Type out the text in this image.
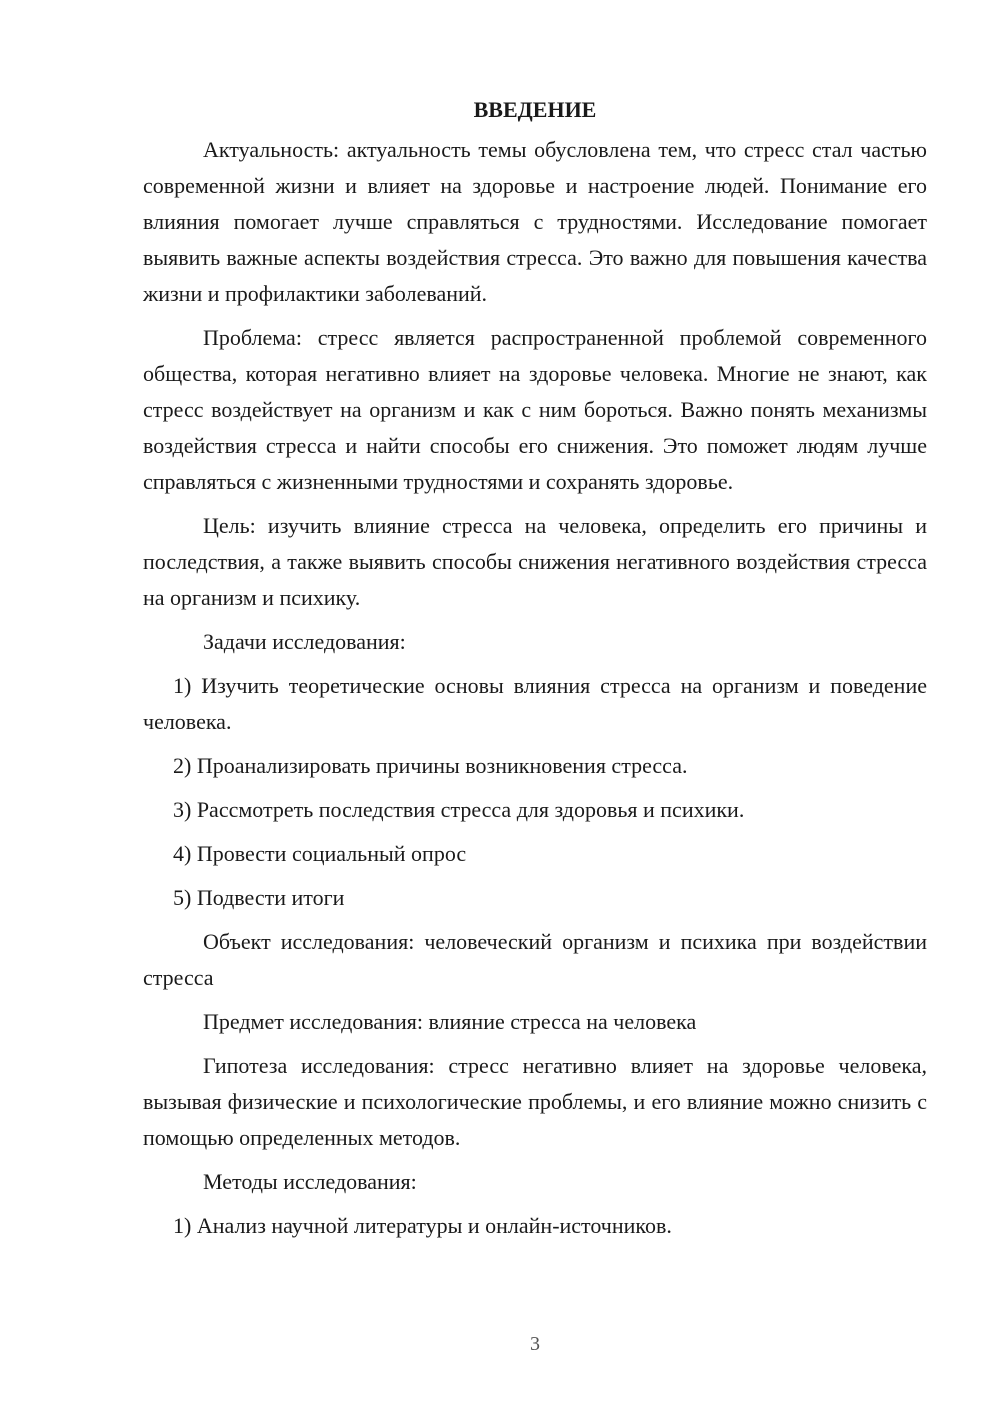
ВВЕДЕНИЕ

Актуальность: актуальность темы обусловлена тем, что стресс стал частью современной жизни и влияет на здоровье и настроение людей. Понимание его влияния помогает лучше справляться с трудностями. Исследование помогает выявить важные аспекты воздействия стресса. Это важно для повышения качества жизни и профилактики заболеваний.

Проблема: стресс является распространенной проблемой современного общества, которая негативно влияет на здоровье человека. Многие не знают, как стресс воздействует на организм и как с ним бороться. Важно понять механизмы воздействия стресса и найти способы его снижения. Это поможет людям лучше справляться с жизненными трудностями и сохранять здоровье.

Цель: изучить влияние стресса на человека, определить его причины и последствия, а также выявить способы снижения негативного воздействия стресса на организм и психику.

Задачи исследования:

1) Изучить теоретические основы влияния стресса на организм и поведение человека.

2) Проанализировать причины возникновения стресса.

3) Рассмотреть последствия стресса для здоровья и психики.

4) Провести социальный опрос

5) Подвести итоги

Объект исследования: человеческий организм и психика при воздействии стресса

Предмет исследования: влияние стресса на человека

Гипотеза исследования: стресс негативно влияет на здоровье человека, вызывая физические и психологические проблемы, и его влияние можно снизить с помощью определенных методов.

Методы исследования:

1) Анализ научной литературы и онлайн-источников.

3
